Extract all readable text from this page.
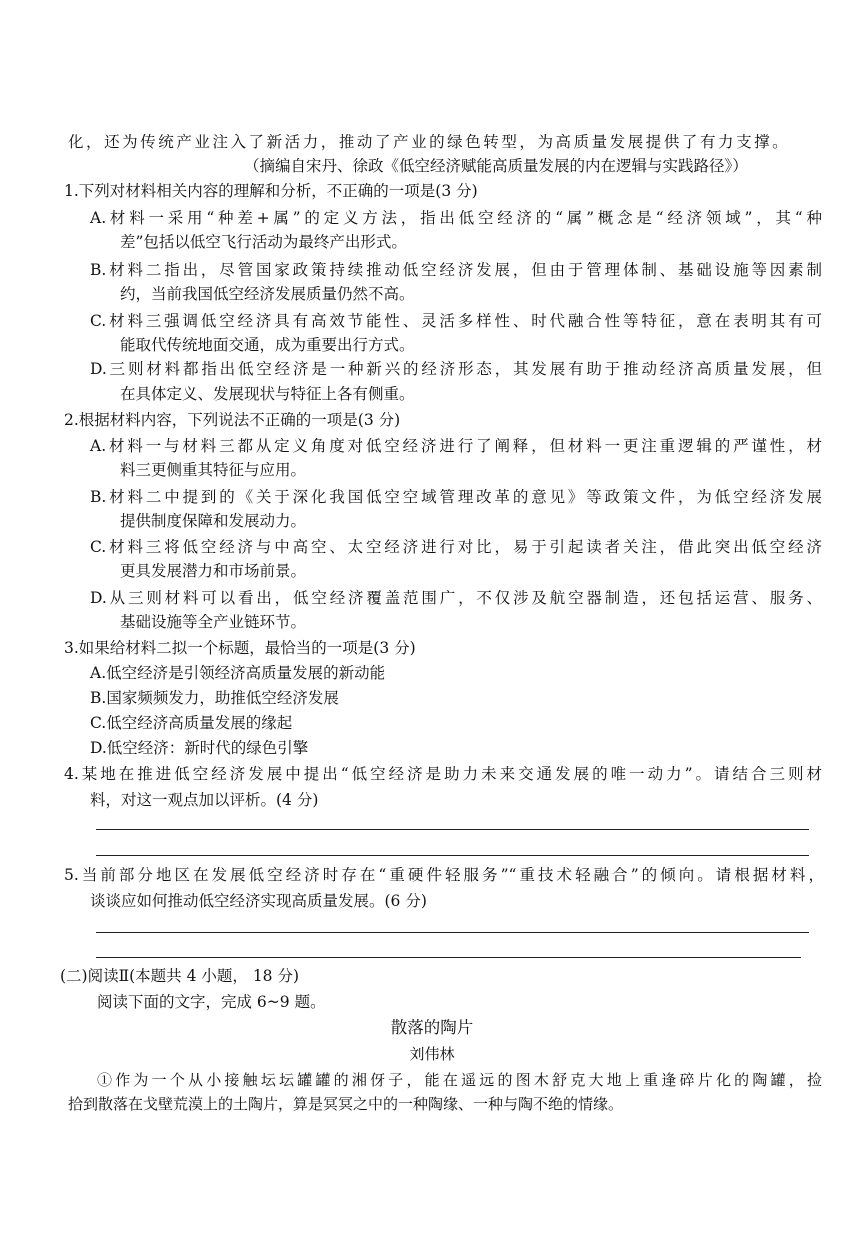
化，还为传统产业注入了新活力，推动了产业的绿色转型，为高质量发展提供了有力支撑。
（摘编自宋丹、徐政《低空经济赋能高质量发展的内在逻辑与实践路径》）
1.下列对材料相关内容的理解和分析，不正确的一项是(3 分)
A.材料一采用“种差+属”的定义方法，指出低空经济的“属”概念是“经济领域”，其“种
差”包括以低空飞行活动为最终产出形式。
B.材料二指出，尽管国家政策持续推动低空经济发展，但由于管理体制、基础设施等因素制
约，当前我国低空经济发展质量仍然不高。
C.材料三强调低空经济具有高效节能性、灵活多样性、时代融合性等特征，意在表明其有可
能取代传统地面交通，成为重要出行方式。
D.三则材料都指出低空经济是一种新兴的经济形态，其发展有助于推动经济高质量发展，但
在具体定义、发展现状与特征上各有侧重。
2.根据材料内容，下列说法不正确的一项是(3 分)
A.材料一与材料三都从定义角度对低空经济进行了阐释，但材料一更注重逻辑的严谨性，材
料三更侧重其特征与应用。
B.材料二中提到的《关于深化我国低空空域管理改革的意见》等政策文件，为低空经济发展
提供制度保障和发展动力。
C.材料三将低空经济与中高空、太空经济进行对比，易于引起读者关注，借此突出低空经济
更具发展潜力和市场前景。
D.从三则材料可以看出，低空经济覆盖范围广，不仅涉及航空器制造，还包括运营、服务、
基础设施等全产业链环节。
3.如果给材料二拟一个标题，最恰当的一项是(3 分)
A.低空经济是引领经济高质量发展的新动能
B.国家频频发力，助推低空经济发展
C.低空经济高质量发展的缘起
D.低空经济：新时代的绿色引擎
4.某地在推进低空经济发展中提出“低空经济是助力未来交通发展的唯一动力”。请结合三则材
料，对这一观点加以评析。(4 分)
5.当前部分地区在发展低空经济时存在“重硬件轻服务”“重技术轻融合”的倾向。请根据材料，
谈谈应如何推动低空经济实现高质量发展。(6 分)
(二)阅读Ⅱ(本题共 4 小题， 18 分)
阅读下面的文字，完成 6~9 题。
散落的陶片
刘伟林
①作为一个从小接触坛坛罐罐的湘伢子，能在遥远的图木舒克大地上重逢碎片化的陶罐，捡
拾到散落在戈壁荒漠上的土陶片，算是冥冥之中的一种陶缘、一种与陶不绝的情缘。
